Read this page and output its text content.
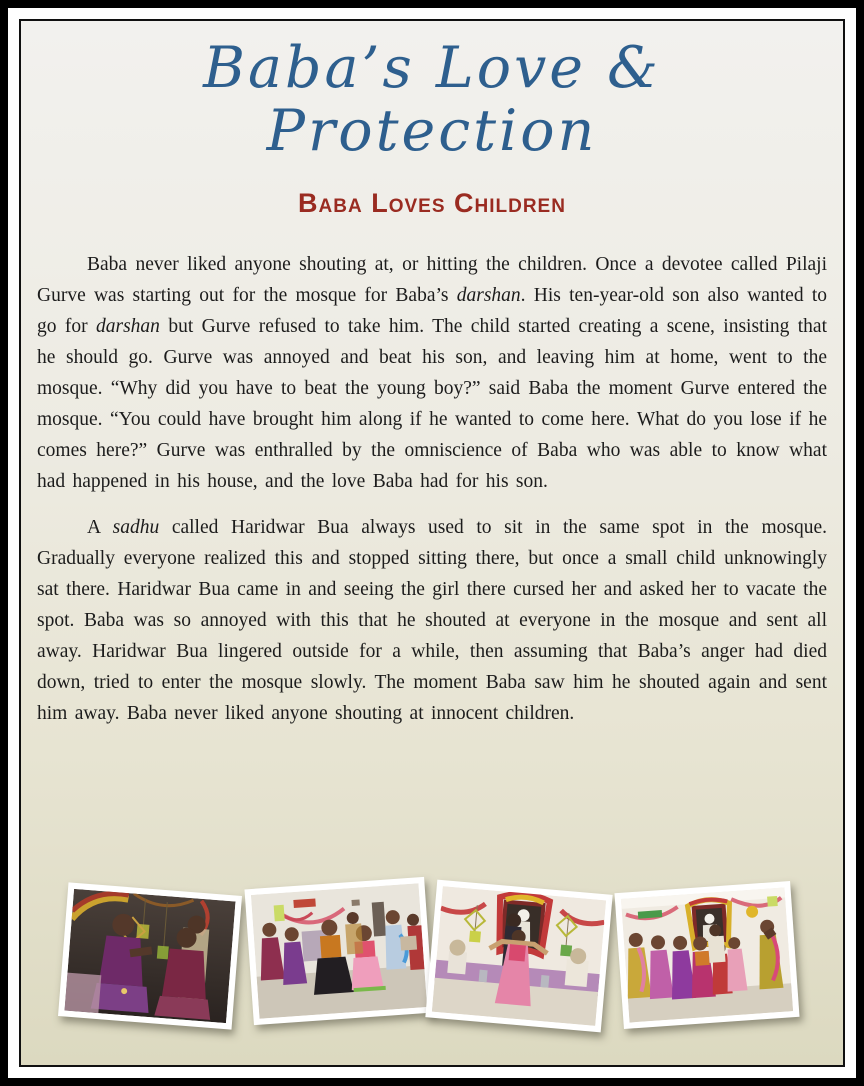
Baba’s Love & Protection
Baba Loves Children

Baba never liked anyone shouting at, or hitting the children. Once a devotee called Pilaji Gurve was starting out for the mosque for Baba’s darshan. His ten-year-old son also wanted to go for darshan but Gurve refused to take him. The child started creating a scene, insisting that he should go. Gurve was annoyed and beat his son, and leaving him at home, went to the mosque. “Why did you have to beat the young boy?” said Baba the moment Gurve entered the mosque. “You could have brought him along if he wanted to come here. What do you lose if he comes here?” Gurve was enthralled by the omniscience of Baba who was able to know what had happened in his house, and the love Baba had for his son.

A sadhu called Haridwar Bua always used to sit in the same spot in the mosque. Gradually everyone realized this and stopped sitting there, but once a small child unknowingly sat there. Haridwar Bua came in and seeing the girl there cursed her and asked her to vacate the spot. Baba was so annoyed with this that he shouted at everyone in the mosque and sent all away. Haridwar Bua lingered outside for a while, then assuming that Baba’s anger had died down, tried to enter the mosque slowly. The moment Baba saw him he shouted again and sent him away. Baba never liked anyone shouting at innocent children.
